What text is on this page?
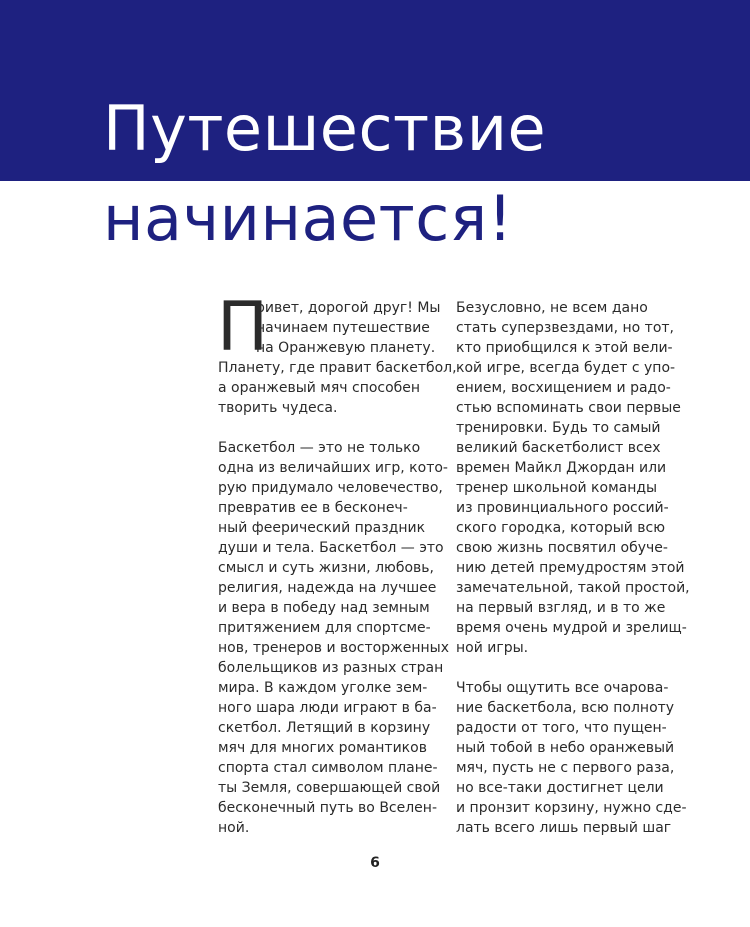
Путешествие
начинается!

П
ривет, дорогой друг! Мы
начинаем путешествие
на Оранжевую планету.
Планету, где правит баскетбол,
а оранжевый мяч способен
творить чудеса.

Баскетбол — это не только
одна из величайших игр, кото-
рую придумало человечество,
превратив ее в бесконеч-
ный феерический праздник
души и тела. Баскетбол — это
смысл и суть жизни, любовь,
религия, надежда на лучшее
и вера в победу над земным
притяжением для спортсме-
нов, тренеров и восторженных
болельщиков из разных стран
мира. В каждом уголке зем-
ного шара люди играют в ба-
скетбол. Летящий в корзину
мяч для многих романтиков
спорта стал символом плане-
ты Земля, совершающей свой
бесконечный путь во Вселен-
ной.

Безусловно, не всем дано
стать суперзвездами, но тот,
кто приобщился к этой вели-
кой игре, всегда будет с упо-
ением, восхищением и радо-
стью вспоминать свои первые
тренировки. Будь то самый
великий баскетболист всех
времен Майкл Джордан или
тренер школьной команды
из провинциального россий-
ского городка, который всю
свою жизнь посвятил обуче-
нию детей премудростям этой
замечательной, такой простой,
на первый взгляд, и в то же
время очень мудрой и зрелищ-
ной игры.

Чтобы ощутить все очарова-
ние баскетбола, всю полноту
радости от того, что пущен-
ный тобой в небо оранжевый
мяч, пусть не с первого раза,
но все-таки достигнет цели
и пронзит корзину, нужно сде-
лать всего лишь первый шаг

6
